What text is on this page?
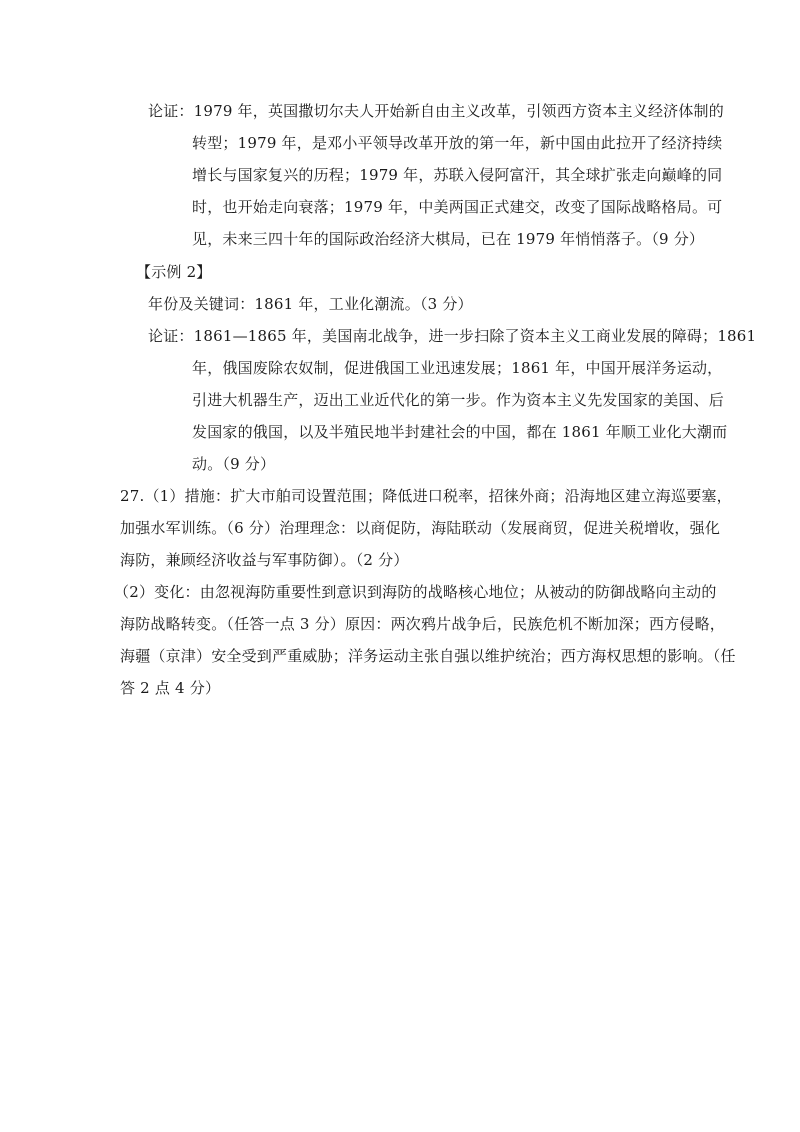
论证：1979 年，英国撒切尔夫人开始新自由主义改革，引领西方资本主义经济体制的
转型；1979 年，是邓小平领导改革开放的第一年，新中国由此拉开了经济持续
增长与国家复兴的历程；1979 年，苏联入侵阿富汗，其全球扩张走向巅峰的同
时，也开始走向衰落；1979 年，中美两国正式建交，改变了国际战略格局。可
见，未来三四十年的国际政治经济大棋局，已在 1979 年悄悄落子。（9 分）
【示例 2】
年份及关键词：1861 年，工业化潮流。（3 分）
论证：1861—1865 年，美国南北战争，进一步扫除了资本主义工商业发展的障碍；1861
年，俄国废除农奴制，促进俄国工业迅速发展；1861 年，中国开展洋务运动，
引进大机器生产，迈出工业近代化的第一步。作为资本主义先发国家的美国、后
发国家的俄国，以及半殖民地半封建社会的中国，都在 1861 年顺工业化大潮而
动。（9 分）
27.（1）措施：扩大市舶司设置范围；降低进口税率，招徕外商；沿海地区建立海巡要塞，
加强水军训练。（6 分）治理理念：以商促防，海陆联动（发展商贸，促进关税增收，强化
海防，兼顾经济收益与军事防御）。（2 分）
（2）变化：由忽视海防重要性到意识到海防的战略核心地位；从被动的防御战略向主动的
海防战略转变。（任答一点 3 分）原因：两次鸦片战争后，民族危机不断加深；西方侵略，
海疆（京津）安全受到严重威胁；洋务运动主张自强以维护统治；西方海权思想的影响。（任
答 2 点 4 分）
